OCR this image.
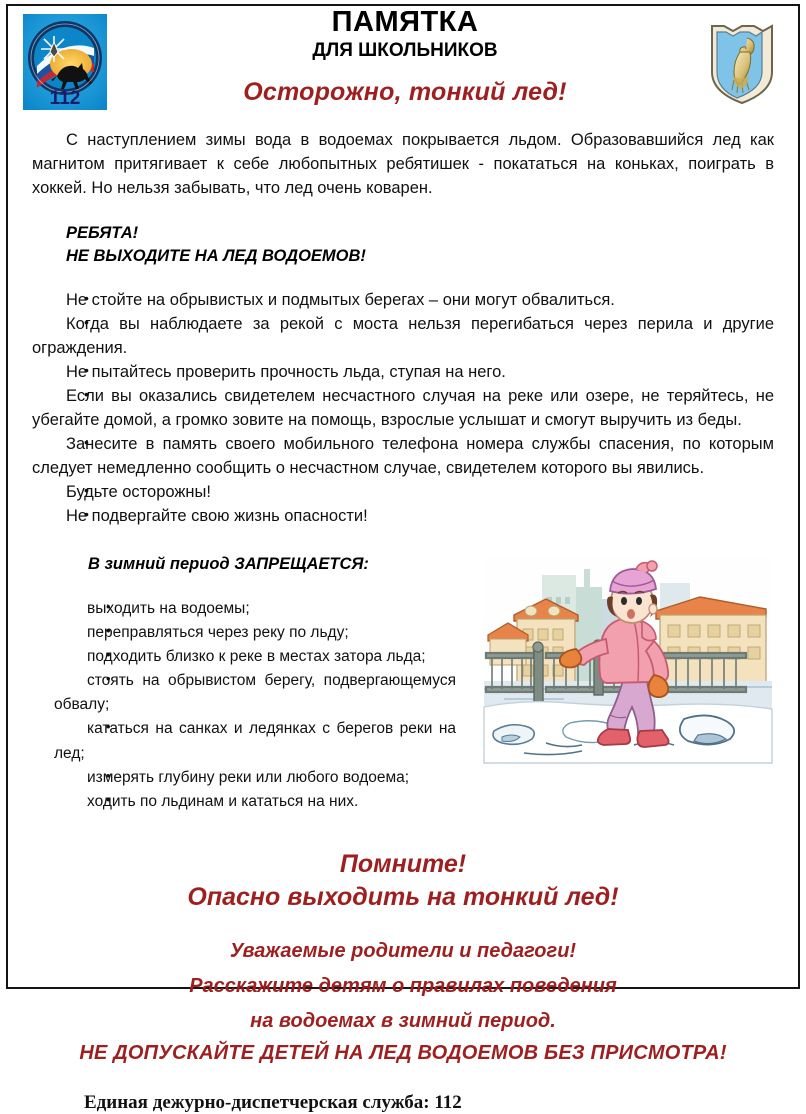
112
ПАМЯТКА
ДЛЯ ШКОЛЬНИКОВ
Осторожно, тонкий лед!

С наступлением зимы вода в водоемах покрывается льдом. Образовавшийся лед как магнитом притягивает к себе любопытных ребятишек - покататься на коньках, поиграть в хоккей. Но нельзя забывать, что лед очень коварен.

РЕБЯТА!
НЕ ВЫХОДИТЕ НА ЛЕД ВОДОЕМОВ!
• Не стойте на обрывистых и подмытых берегах – они могут обвалиться.
• Когда вы наблюдаете за рекой с моста нельзя перегибаться через перила и другие ограждения.
• Не пытайтесь проверить прочность льда, ступая на него.
• Если вы оказались свидетелем несчастного случая на реке или озере, не теряйтесь, не убегайте домой, а громко зовите на помощь, взрослые услышат и смогут выручить из беды.
• Занесите в память своего мобильного телефона номера службы спасения, по которым следует немедленно сообщить о несчастном случае, свидетелем которого вы явились.
• Будьте осторожны!
• Не подвергайте свою жизнь опасности!
В зимний период ЗАПРЕЩАЕТСЯ:
• выходить на водоемы;
• переправляться через реку по льду;
• подходить близко к реке в местах затора льда;
• стоять на обрывистом берегу, подвергающемуся обвалу;
• кататься на санках и ледянках с берегов реки на лед;
• измерять глубину реки или любого водоема;
• ходить по льдинам и кататься на них.
Помните!
Опасно выходить на тонкий лед!
Уважаемые родители и педагоги!
Расскажите детям о правилах поведения
на водоемах в зимний период.
НЕ ДОПУСКАЙТЕ ДЕТЕЙ НА ЛЕД ВОДОЕМОВ БЕЗ ПРИСМОТРА!
Единая дежурно-диспетчерская служба: 112
